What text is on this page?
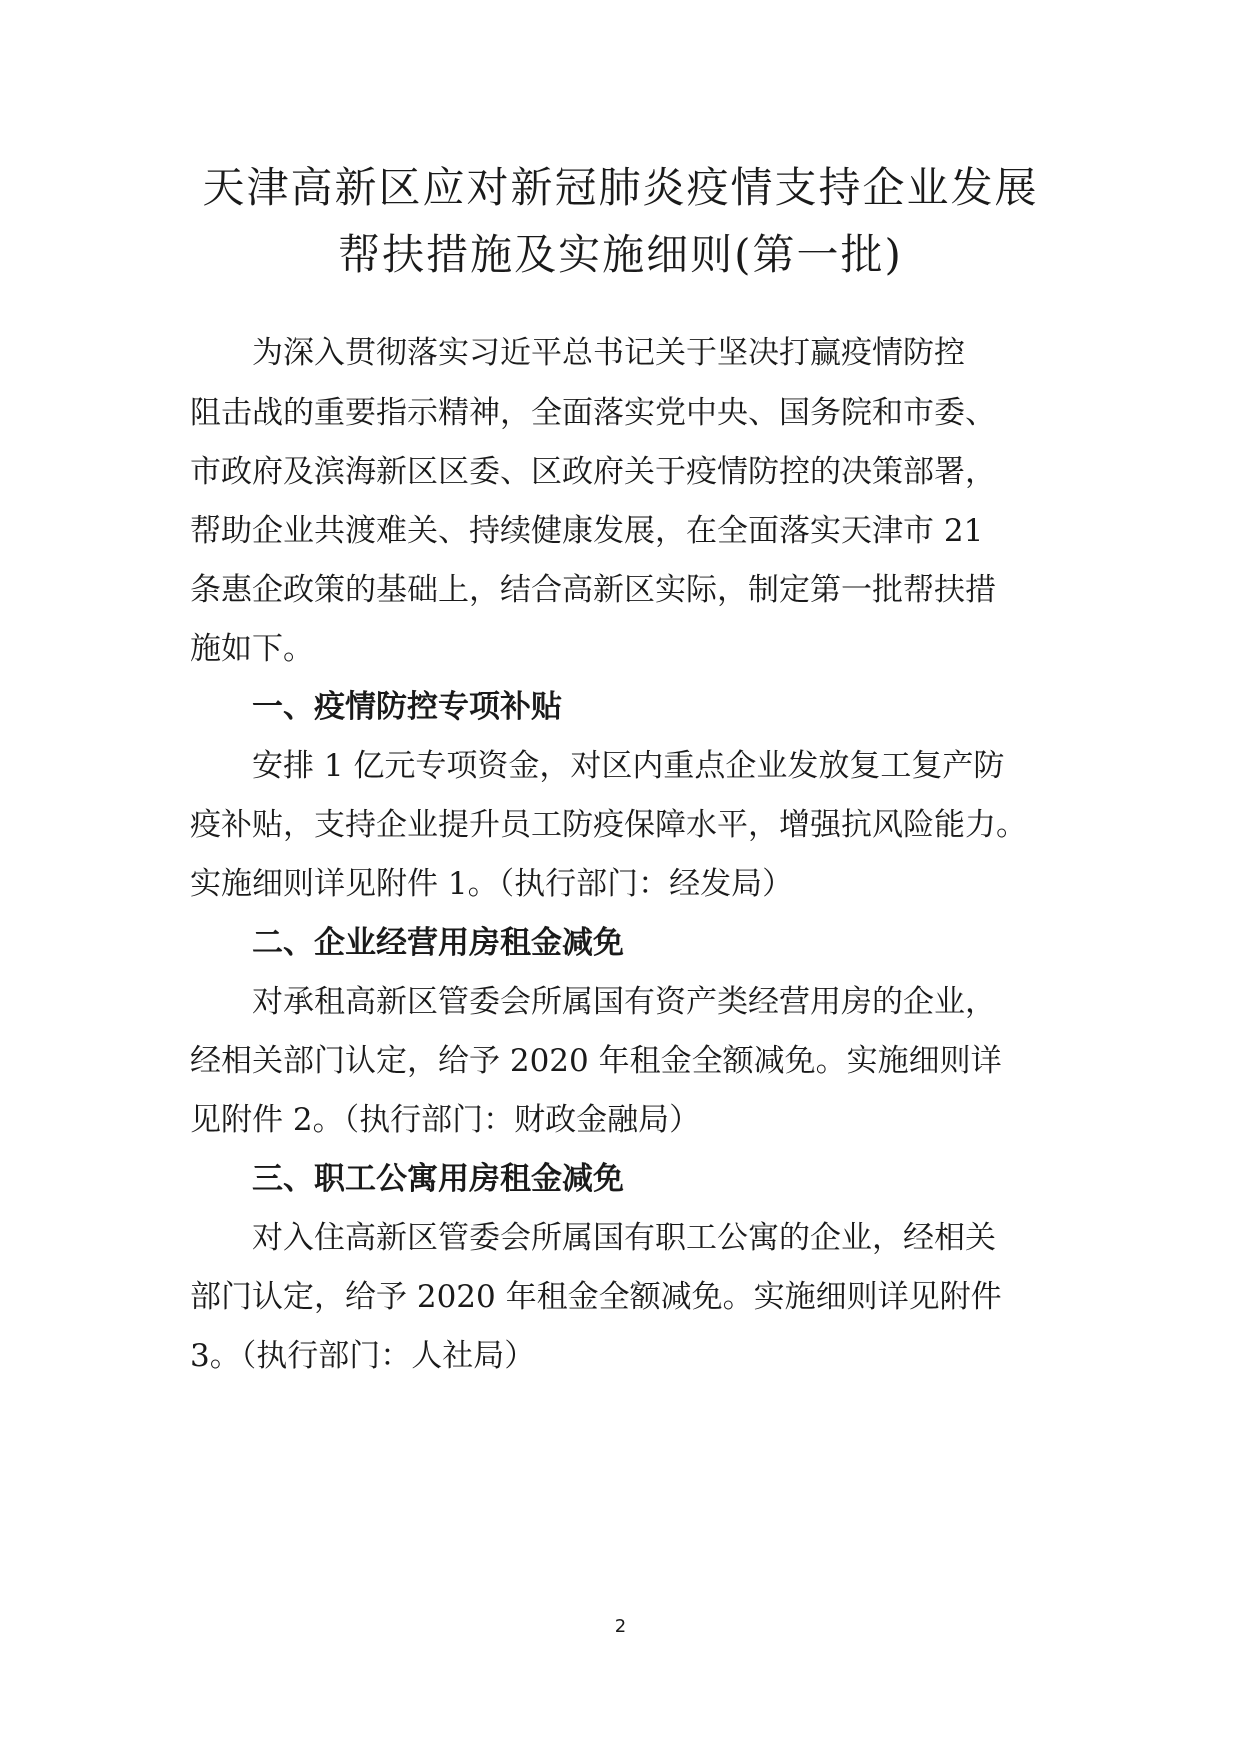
天津高新区应对新冠肺炎疫情支持企业发展
帮扶措施及实施细则(第一批)

为深入贯彻落实习近平总书记关于坚决打赢疫情防控

阻击战的重要指示精神，全面落实党中央、国务院和市委、

市政府及滨海新区区委、区政府关于疫情防控的决策部署，

帮助企业共渡难关、持续健康发展，在全面落实天津市 21

条惠企政策的基础上，结合高新区实际，制定第一批帮扶措

施如下。

一、疫情防控专项补贴

安排 1 亿元专项资金，对区内重点企业发放复工复产防

疫补贴，支持企业提升员工防疫保障水平，增强抗风险能力。

实施细则详见附件 1。（执行部门：经发局）

二、企业经营用房租金减免

对承租高新区管委会所属国有资产类经营用房的企业，

经相关部门认定，给予 2020 年租金全额减免。实施细则详

见附件 2。（执行部门：财政金融局）

三、职工公寓用房租金减免

对入住高新区管委会所属国有职工公寓的企业，经相关

部门认定，给予 2020 年租金全额减免。实施细则详见附件

3。（执行部门：人社局）

2
